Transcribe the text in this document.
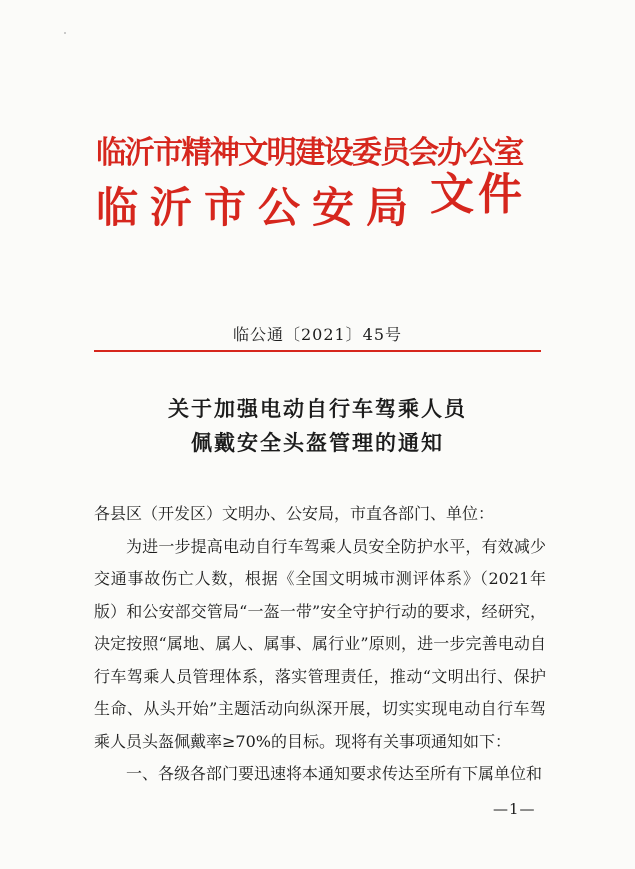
临沂市精神文明建设委员会办公室
临沂市公安局 文件
临公通〔2021〕45号
关于加强电动自行车驾乘人员
佩戴安全头盔管理的通知

各县区（开发区）文明办、公安局，市直各部门、单位：

为进一步提高电动自行车驾乘人员安全防护水平，有效减少交通事故伤亡人数，根据《全国文明城市测评体系》（2021年版）和公安部交管局“一盔一带”安全守护行动的要求，经研究，决定按照“属地、属人、属事、属行业”原则，进一步完善电动自行车驾乘人员管理体系，落实管理责任，推动“文明出行、保护生命、从头开始”主题活动向纵深开展，切实实现电动自行车驾乘人员头盔佩戴率≥70%的目标。现将有关事项通知如下：

一、各级各部门要迅速将本通知要求传达至所有下属单位和

—1—
